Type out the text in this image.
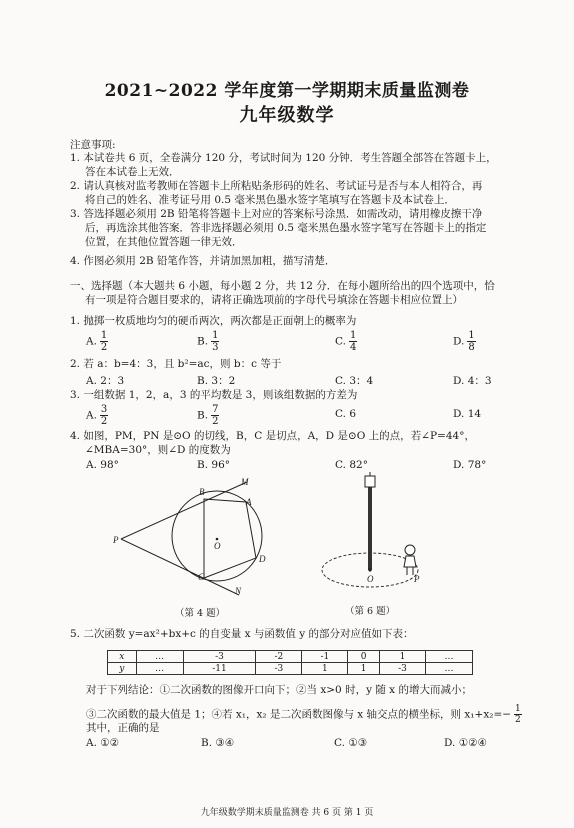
2021~2022 学年度第一学期期末质量监测卷
九年级数学
注意事项:
1. 本试卷共 6 页，全卷满分 120 分，考试时间为 120 分钟．考生答题全部答在答题卡上，
答在本试卷上无效．
2. 请认真核对监考教师在答题卡上所粘贴条形码的姓名、考试证号是否与本人相符合，再
将自己的姓名、准考证号用 0.5 毫米黑色墨水签字笔填写在答题卡及本试卷上．
3. 答选择题必须用 2B 铅笔将答题卡上对应的答案标号涂黑．如需改动，请用橡皮擦干净
后，再选涂其他答案．答非选择题必须用 0.5 毫米黑色墨水签字笔写在答题卡上的指定
位置，在其他位置答题一律无效．
4. 作图必须用 2B 铅笔作答，并请加黑加粗，描写清楚．
一、选择题（本大题共 6 小题，每小题 2 分，共 12 分．在每小题所给出的四个选项中，恰
有一项是符合题目要求的，请将正确选项前的字母代号填涂在答题卡相应位置上）
1. 抛掷一枚质地均匀的硬币两次，两次都是正面朝上的概率为
A. $\frac{1}{2}$	B. $\frac{1}{3}$	C. $\frac{1}{4}$	D. $\frac{1}{8}$
2. 若 a：b=4：3，且 b²=ac，则 b：c 等于
A. 2：3	B. 3：2	C. 3：4	D. 4：3
3. 一组数据 1，2，a，3 的平均数是 3，则该组数据的方差为
A. $\frac{3}{2}$	B. $\frac{7}{2}$	C. 6	D. 14
4. 如图，PM，PN 是⊙O 的切线，B，C 是切点，A，D 是⊙O 上的点，若∠P=44°，
∠MBA=30°，则∠D 的度数为
A. 98°	B. 96°	C. 82°	D. 78°
B
M
A
P
O
D
C
N
（第 4 题）
O	P
（第 6 题）
5. 二次函数 y=ax²+bx+c 的自变量 x 与函数值 y 的部分对应值如下表：
x	…	-3	-2	-1	0	1	…
y	…	-11	-3	1	1	-3	…
对于下列结论：①二次函数的图像开口向下；②当 x>0 时，y 随 x 的增大而减小；
③二次函数的最大值是 1；④若 x₁，x₂ 是二次函数图像与 x 轴交点的横坐标，则 $x_1+x_2=- \frac{1}{2}$
其中，正确的是
A. ①②	B. ③④	C. ①③	D. ①②④
九年级数学期末质量监测卷 共 6 页 第 1 页
